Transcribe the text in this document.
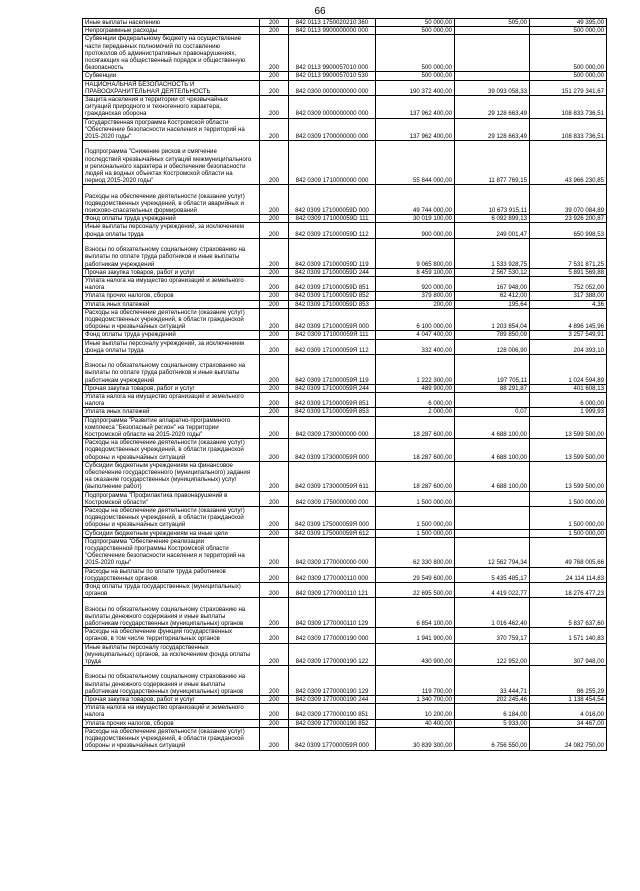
66
Иные выплаты населению	200	842 0113 1750020210 360	50 000,00	505,00	49 395,00
Непрограммные расходы	200	842 0113 9900000000 000	500 000,00		500 000,00
Субвенции федеральному бюджету на осуществление
части переданных полномочий по составлению
протоколов об административных правонарушениях,
посягающих на общественный порядок и общественную
безопасность	200	842 0113 9900057010 000	500 000,00		500 000,00
Субвенции	200	842 0113 9900057010 530	500 000,00		500 000,00
НАЦИОНАЛЬНАЯ БЕЗОПАСНОСТЬ И
ПРАВООХРАНИТЕЛЬНАЯ ДЕЯТЕЛЬНОСТЬ	200	842 0300 0000000000 000	190 372 400,00	39 093 058,33	151 279 341,67
Защита населения и территории от чрезвычайных
ситуаций природного и техногенного характера,
гражданская оборона	200	842 0309 0000000000 000	137 962 400,00	29 128 663,49	108 833 736,51
Государственная программа Костромской области
"Обеспечение безопасности населения и территорий на
2015-2020 годы"	200	842 0309 1700000000 000	137 962 400,00	29 128 663,49	108 833 736,51

Подпрограмма "Снижение рисков и смягчение
последствий чрезвычайных ситуаций межмуниципального
и регионального характера и обеспечение безопасности
людей на водных объектах Костромской области на
период 2015-2020 годы"	200	842 0309 1710000000 000	55 844 000,00	11 877 769,15	43 966 230,85

Расходы на обеспечение деятельности (оказание услуг)
подведомственных учреждений, в области аварийных и
поисково-спасательных формирований	200	842 0309 171000059D 000	49 744 000,00	10 673 915,11	39 070 084,89
Фонд оплаты труда учреждений	200	842 0309 171000059D 111	30 019 100,00	6 092 899,13	23 926 200,87
Иные выплаты персоналу учреждений, за исключением
фонда оплаты труда	200	842 0309 171000059D 112	900 000,00	249 001,47	650 998,53

Взносы по обязательному социальному страхованию на
выплаты по оплате труда работников и иные выплаты
работникам учреждений	200	842 0309 171000059D 119	9 065 800,00	1 533 928,75	7 531 871,25
Прочая закупка товаров, работ и услуг	200	842 0309 171000059D 244	8 459 100,00	2 567 530,12	5 891 569,88
Уплата налога на имущество организаций и земельного
налога	200	842 0309 171000059D 851	920 000,00	167 948,00	752 052,00
Уплата прочих налогов, сборов	200	842 0309 171000059D 852	379 800,00	62 412,00	317 388,00
Уплата иных платежей	200	842 0309 171000059D 853	200,00	195,64	4,36
Расходы на обеспечение деятельности (оказание услуг)
подведомственных учреждений, в области гражданской
обороны и чрезвычайных ситуаций	200	842 0309 171000059Я 000	6 100 000,00	1 203 854,04	4 896 145,96
Фонд оплаты труда учреждений	200	842 0309 171000059Я 111	4 047 400,00	789 850,09	3 257 549,91
Иные выплаты персоналу учреждений, за исключением
фонда оплаты труда	200	842 0309 171000059Я 112	332 400,00	128 006,90	204 393,10

Взносы по обязательному социальному страхованию на
выплаты по оплате труда работников и иные выплаты
работникам учреждений	200	842 0309 171000059Я 119	1 222 300,00	197 705,11	1 024 594,89
Прочая закупка товаров, работ и услуг	200	842 0309 171000059Я 244	489 900,00	88 291,87	401 608,13
Уплата налога на имущество организаций и земельного
налога	200	842 0309 171000059Я 851	6 000,00		6 000,00
Уплата иных платежей	200	842 0309 171000059Я 853	2 000,00	0,07	1 999,93
Подпрограмма "Развитие аппаратно-программного
комплекса "Безопасный регион" на территории
Костромской области на 2015-2020 годы"	200	842 0309 1730000000 000	18 287 600,00	4 688 100,00	13 599 500,00
Расходы на обеспечение деятельности (оказание услуг)
подведомственных учреждений, в области гражданской
обороны и чрезвычайных ситуаций	200	842 0309 173000059Я 000	18 287 600,00	4 688 100,00	13 599 500,00
Субсидии бюджетным учреждениям на финансовое
обеспечение государственного (муниципального) задания
на оказание государственных (муниципальных) услуг
(выполнение работ)	200	842 0309 173000059Я 611	18 287 600,00	4 688 100,00	13 599 500,00
Подпрограмма "Профилактика правонарушений в
Костромской области"	200	842 0309 1750000000 000	1 500 000,00		1 500 000,00
Расходы на обеспечение деятельности (оказание услуг)
подведомственных учреждений, в области гражданской
обороны и чрезвычайных ситуаций	200	842 0309 175000059Я 000	1 500 000,00		1 500 000,00
Субсидии бюджетным учреждениям на иные цели	200	842 0309 175000059Я 612	1 500 000,00		1 500 000,00
Подпрограмма "Обеспечение реализации
государственной программы Костромской области
"Обеспечение безопасности населения и территорий на
2015-2020 годы"	200	842 0309 1770000000 000	62 330 800,00	12 562 794,34	49 768 005,66
Расходы на выплаты по оплате труда работников
государственных органов	200	842 0309 1770000110 000	29 549 600,00	5 435 485,17	24 114 114,83
Фонд оплаты труда государственных (муниципальных)
органов	200	842 0309 1770000110 121	22 695 500,00	4 419 022,77	18 276 477,23

Взносы по обязательному социальному страхованию на
выплаты денежного содержания и иные выплаты
работникам государственных (муниципальных) органов	200	842 0309 1770000110 129	6 854 100,00	1 016 462,40	5 837 637,60
Расходы на обеспечение функций государственных
органов, в том числе территориальных органов	200	842 0309 1770000190 000	1 941 900,00	370 759,17	1 571 140,83
Иные выплаты персоналу государственных
(муниципальных) органов, за исключением фонда оплаты
труда	200	842 0309 1770000190 122	430 900,00	122 952,00	307 948,00

Взносы по обязательному социальному страхованию на
выплаты денежного содержания и иные выплаты
работникам государственных (муниципальных) органов	200	842 0309 1770000190 129	119 700,00	33 444,71	86 255,29
Прочая закупка товаров, работ и услуг	200	842 0309 1770000190 244	1 340 700,00	202 245,46	1 138 454,54
Уплата налога на имущество организаций и земельного
налога	200	842 0309 1770000190 851	10 200,00	6 184,00	4 016,00
Уплата прочих налогов, сборов	200	842 0309 1770000190 852	40 400,00	5 933,00	34 467,00
Расходы на обеспечение деятельности (оказание услуг)
подведомственных учреждений, в области гражданской
обороны и чрезвычайных ситуаций	200	842 0309 177000059Я 000	30 839 300,00	6 756 550,00	24 082 750,00
